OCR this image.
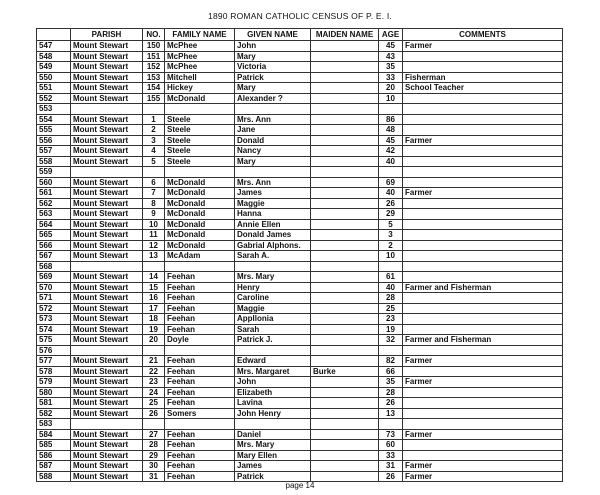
1890 ROMAN CATHOLIC CENSUS OF P. E. I.
	PARISH	NO.	FAMILY NAME	GIVEN NAME	MAIDEN NAME	AGE	COMMENTS
547	Mount Stewart	150	McPhee	John		45	Farmer
548	Mount Stewart	151	McPhee	Mary		43	
549	Mount Stewart	152	McPhee	Victoria		35	
550	Mount Stewart	153	Mitchell	Patrick		33	Fisherman
551	Mount Stewart	154	Hickey	Mary		20	School Teacher
552	Mount Stewart	155	McDonald	Alexander ?		10	
553							
554	Mount Stewart	1	Steele	Mrs. Ann		86	
555	Mount Stewart	2	Steele	Jane		48	
556	Mount Stewart	3	Steele	Donald		45	Farmer
557	Mount Stewart	4	Steele	Nancy		42	
558	Mount Stewart	5	Steele	Mary		40	
559							
560	Mount Stewart	6	McDonald	Mrs. Ann		69	
561	Mount Stewart	7	McDonald	James		40	Farmer
562	Mount Stewart	8	McDonald	Maggie		26	
563	Mount Stewart	9	McDonald	Hanna		29	
564	Mount Stewart	10	McDonald	Annie Ellen		5	
565	Mount Stewart	11	McDonald	Donald James		3	
566	Mount Stewart	12	McDonald	Gabrial Alphons.		2	
567	Mount Stewart	13	McAdam	Sarah A.		10	
568							
569	Mount Stewart	14	Feehan	Mrs. Mary		61	
570	Mount Stewart	15	Feehan	Henry		40	Farmer and Fisherman
571	Mount Stewart	16	Feehan	Caroline		28	
572	Mount Stewart	17	Feehan	Maggie		25	
573	Mount Stewart	18	Feehan	Appllonia		23	
574	Mount Stewart	19	Feehan	Sarah		19	
575	Mount Stewart	20	Doyle	Patrick J.		32	Farmer and Fisherman
576							
577	Mount Stewart	21	Feehan	Edward		82	Farmer
578	Mount Stewart	22	Feehan	Mrs. Margaret	Burke	66	
579	Mount Stewart	23	Feehan	John		35	Farmer
580	Mount Stewart	24	Feehan	Elizabeth		28	
581	Mount Stewart	25	Feehan	Lavina		26	
582	Mount Stewart	26	Somers	John Henry		13	
583							
584	Mount Stewart	27	Feehan	Daniel		73	Farmer
585	Mount Stewart	28	Feehan	Mrs. Mary		60	
586	Mount Stewart	29	Feehan	Mary Ellen		33	
587	Mount Stewart	30	Feehan	James		31	Farmer
588	Mount Stewart	31	Feehan	Patrick		26	Farmer
page 14
